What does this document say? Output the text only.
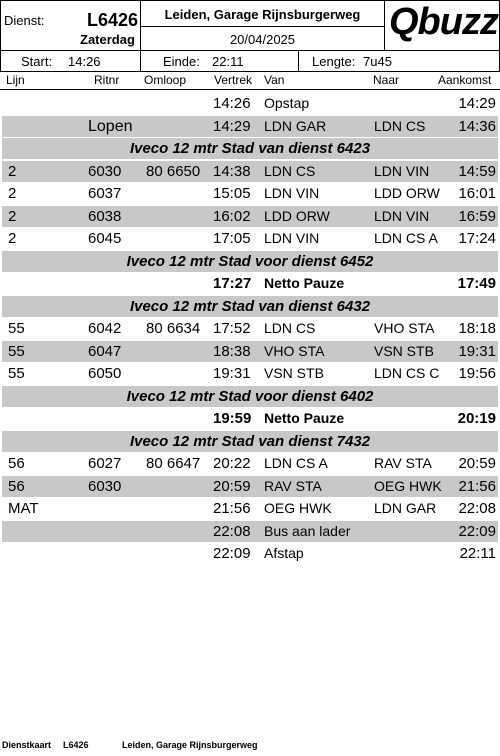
Dienst: L6426
Zaterdag
Leiden, Garage Rijnsburgerweg
20/04/2025	Qbuzz
Start: 14:26	Einde: 22:11	Lengte: 7u45
Lijn	Ritnr Omloop Vertrek Van	Naar	Aankomst
14:26 Opstap	14:29
Lopen	14:29 LDN GAR	LDN CS 14:36
Iveco 12 mtr Stad van dienst 6423
2	6030 80 6650 14:38 LDN CS	LDN VIN 14:59
2	6037	15:05 LDN VIN	LDD ORW 16:01
2	6038	16:02 LDD ORW	LDN VIN 16:59
2	6045	17:05 LDN VIN	LDN CS A 17:24
Iveco 12 mtr Stad voor dienst 6452
17:27 Netto Pauze	17:49
Iveco 12 mtr Stad van dienst 6432
55	6042 80 6634 17:52 LDN CS	VHO STA 18:18
55	6047	18:38 VHO STA	VSN STB 19:31
55	6050	19:31 VSN STB	LDN CS C 19:56
Iveco 12 mtr Stad voor dienst 6402
19:59 Netto Pauze	20:19
Iveco 12 mtr Stad van dienst 7432
56	6027 80 6647 20:22 LDN CS A	RAV STA 20:59
56	6030	20:59 RAV STA	OEG HWK 21:56
MAT	21:56 OEG HWK	LDN GAR 22:08
22:08 Bus aan lader	22:09
22:09 Afstap	22:11
Dienstkaart L6426	Leiden, Garage Rijnsburgerweg
